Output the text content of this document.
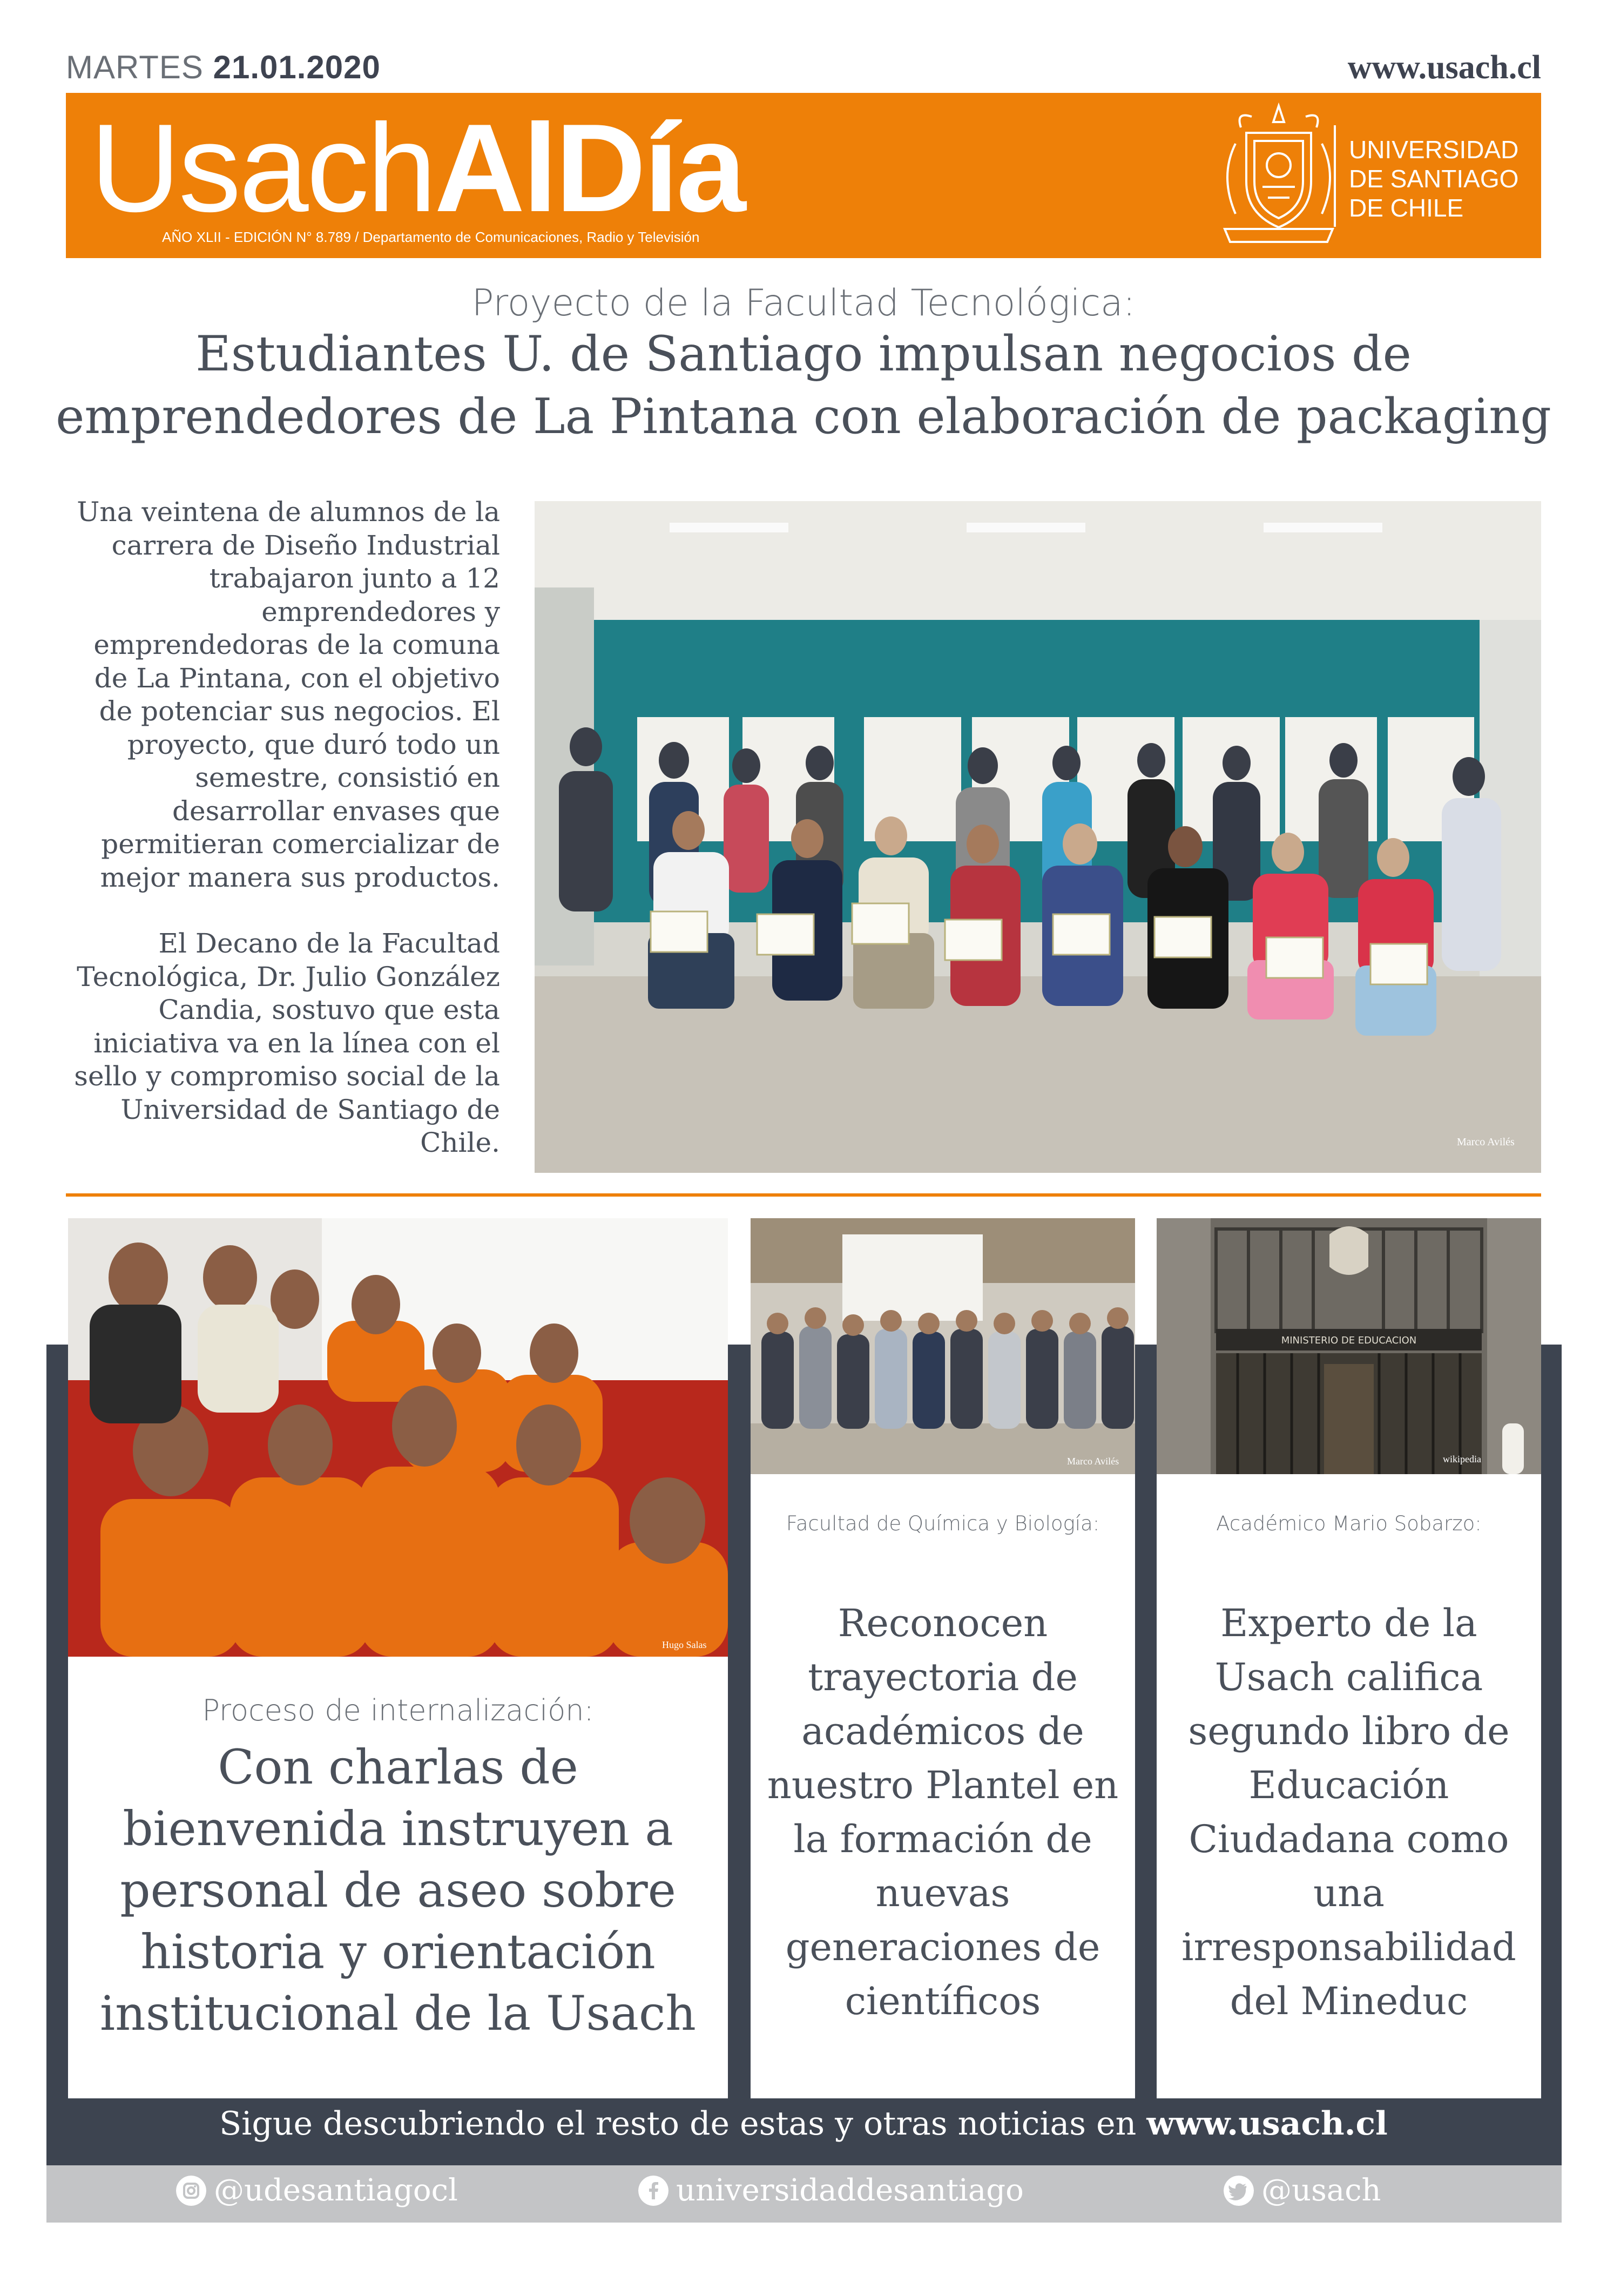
MARTES 21.01.2020	www.usach.cl
UsachAlDía
AÑO XLII - EDICIÓN N° 8.789 / Departamento de Comunicaciones, Radio y Televisión
UNIVERSIDAD
DE SANTIAGO
DE CHILE
Proyecto de la Facultad Tecnológica:
Estudiantes U. de Santiago impulsan negocios de emprendedores de La Pintana con elaboración de packaging

Una veintena de alumnos de la carrera de Diseño Industrial trabajaron junto a 12 emprendedores y emprendedoras de la comuna de La Pintana, con el objetivo de potenciar sus negocios. El proyecto, que duró todo un semestre, consistió en desarrollar envases que permitieran comercializar de mejor manera sus productos.

El Decano de la Facultad Tecnológica, Dr. Julio González Candia, sostuvo que esta iniciativa va en la línea con el sello y compromiso social de la Universidad de Santiago de Chile.	Marco Avilés
Hugo Salas
Proceso de internalización:
Con charlas de bienvenida instruyen a personal de aseo sobre historia y orientación institucional de la Usach
Marco Avilés
Facultad de Química y Biología:
Reconocen trayectoria de académicos de nuestro Plantel en la formación de nuevas generaciones de científicos
MINISTERIO DE EDUCACION
wikipedia
Académico Mario Sobarzo:
Experto de la Usach califica segundo libro de Educación Ciudadana como una irresponsabilidad del Mineduc
Sigue descubriendo el resto de estas y otras noticias en www.usach.cl
@udesantiagocl	universidaddesantiago	@usach
